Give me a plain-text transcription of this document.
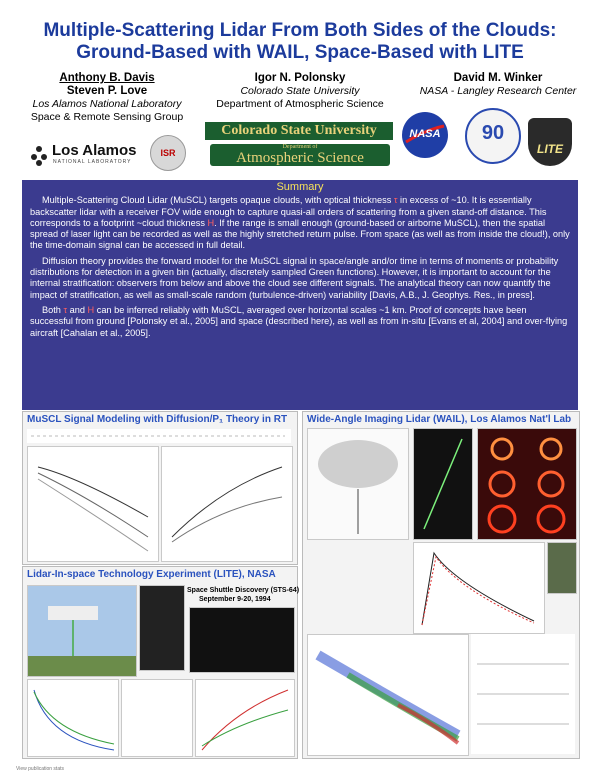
Multiple-Scattering Lidar From Both Sides of the Clouds:
Ground-Based with WAIL, Space-Based with LITE
Anthony B. Davis
Steven P. Love
Los Alamos National Laboratory
Space & Remote Sensing Group
Igor N. Polonsky
Colorado State University
Department of Atmospheric Science
David M. Winker
NASA - Langley Research Center
Los Alamos
NATIONAL LABORATORY
ISR
Colorado State University
Department of
Atmospheric Science
NASA	90
LITE
Summary

Multiple-Scattering Cloud Lidar (MuSCL) targets opaque clouds, with optical thickness τ in excess of ~10. It is essentially backscatter lidar with a receiver FOV wide enough to capture quasi-all orders of scattering from a given stand-off distance. This corresponds to a footprint ~cloud thickness H. If the range is small enough (ground-based or airborne MuSCL), then the spatial spread of laser light can be recorded as well as the highly stretched return pulse. From space (as well as from inside the cloud!), only the time-domain signal can be accessed in full detail.

Diffusion theory provides the forward model for the MuSCL signal in space/angle and/or time in terms of moments or probability distributions for detection in a given bin (actually, discretely sampled Green functions). However, it is important to account for the internal stratification: observers from below and above the cloud see different signals. The analytical theory can now quantify the impact of stratification, as well as small-scale random (turbulence-driven) variability [Davis, A.B., J. Geophys. Res., in press].

Both τ and H can be inferred reliably with MuSCL, averaged over horizontal scales ~1 km. Proof of concepts have been successful from ground [Polonsky et al., 2005] and space (described here), as well as from in-situ [Evans et al, 2004] and over-flying aircraft [Cahalan et al., 2005].

MuSCL Signal Modeling with Diffusion/P₁ Theory in RT Wide-Angle Imaging Lidar (WAIL), Los Alamos Nat'l Lab
Lidar-In-space Technology Experiment (LITE), NASA
Space Shuttle Discovery (STS-64)
September 9-20, 1994
View publication stats
